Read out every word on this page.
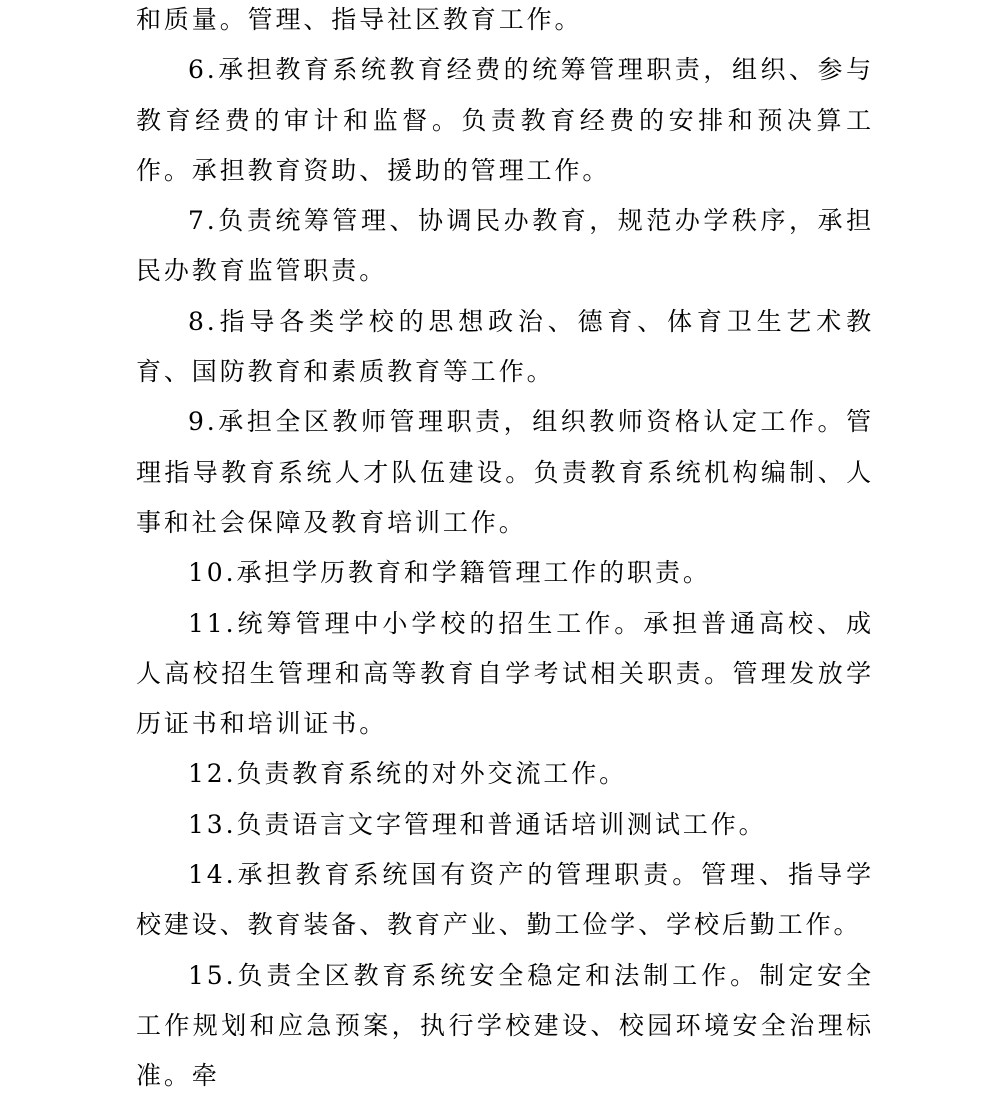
和质量。管理、指导社区教育工作。

6.承担教育系统教育经费的统筹管理职责，组织、参与教育经费的审计和监督。负责教育经费的安排和预决算工作。承担教育资助、援助的管理工作。

7.负责统筹管理、协调民办教育，规范办学秩序，承担民办教育监管职责。

8.指导各类学校的思想政治、德育、体育卫生艺术教育、国防教育和素质教育等工作。

9.承担全区教师管理职责，组织教师资格认定工作。管理指导教育系统人才队伍建设。负责教育系统机构编制、人事和社会保障及教育培训工作。

10.承担学历教育和学籍管理工作的职责。

11.统筹管理中小学校的招生工作。承担普通高校、成人高校招生管理和高等教育自学考试相关职责。管理发放学历证书和培训证书。

12.负责教育系统的对外交流工作。

13.负责语言文字管理和普通话培训测试工作。

14.承担教育系统国有资产的管理职责。管理、指导学校建设、教育装备、教育产业、勤工俭学、学校后勤工作。

15.负责全区教育系统安全稳定和法制工作。制定安全工作规划和应急预案，执行学校建设、校园环境安全治理标准。牵
